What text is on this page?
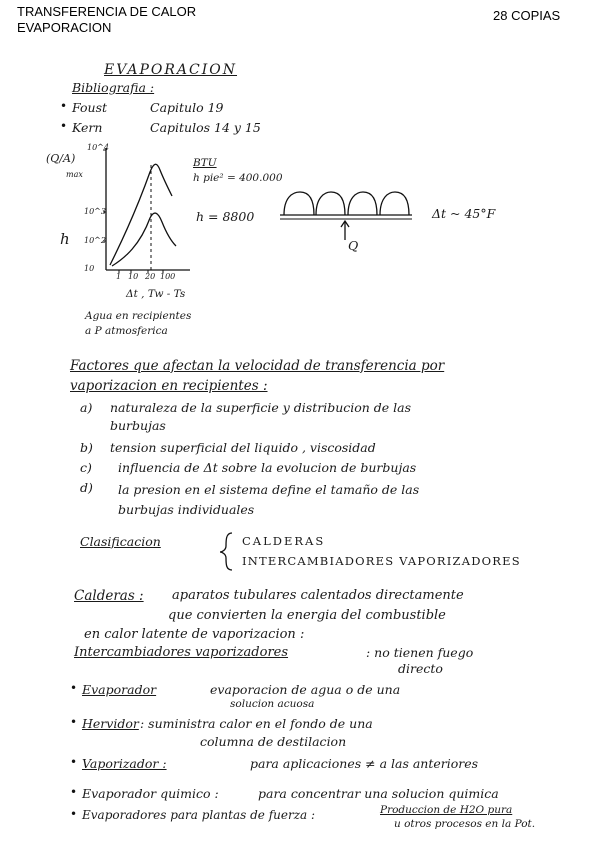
TRANSFERENCIA DE CALOR
EVAPORACION
28 COPIAS
EVAPORACION
Bibliografia :
• Foust	Capitulo 19
• Kern	Capitulos 14 y 15
(Q/A)
max
h
10^4
10^3
10^2
10
1 10 20 100
Δt , Tw - Ts
BTU
h pie² = 400.000
h = 8800
Agua en recipientes
a P atmosferica
Δt ~ 45°F
Q
Factores que afectan la velocidad de transferencia por
vaporizacion en recipientes :
a) naturaleza de la superficie y distribucion de las
burbujas
b) tension superficial del liquido , viscosidad
c) influencia de Δt sobre la evolucion de burbujas
d) la presion en el sistema define el tamaño de las
burbujas individuales
Clasificacion	CALDERAS
INTERCAMBIADORES VAPORIZADORES
Calderas : aparatos tubulares calentados directamente
que convierten la energia del combustible
en calor latente de vaporizacion :
Intercambiadores vaporizadores	: no tienen fuego
directo
• Evaporador	evaporacion de agua o de una
solucion acuosa
• Hervidor : suministra calor en el fondo de una
columna de destilacion
• Vaporizador :	para aplicaciones ≠ a las anteriores
• Evaporador quimico :	para concentrar una solucion quimica
• Evaporadores para plantas de fuerza :	Produccion de H2O pura
u otros procesos en la Pot.
